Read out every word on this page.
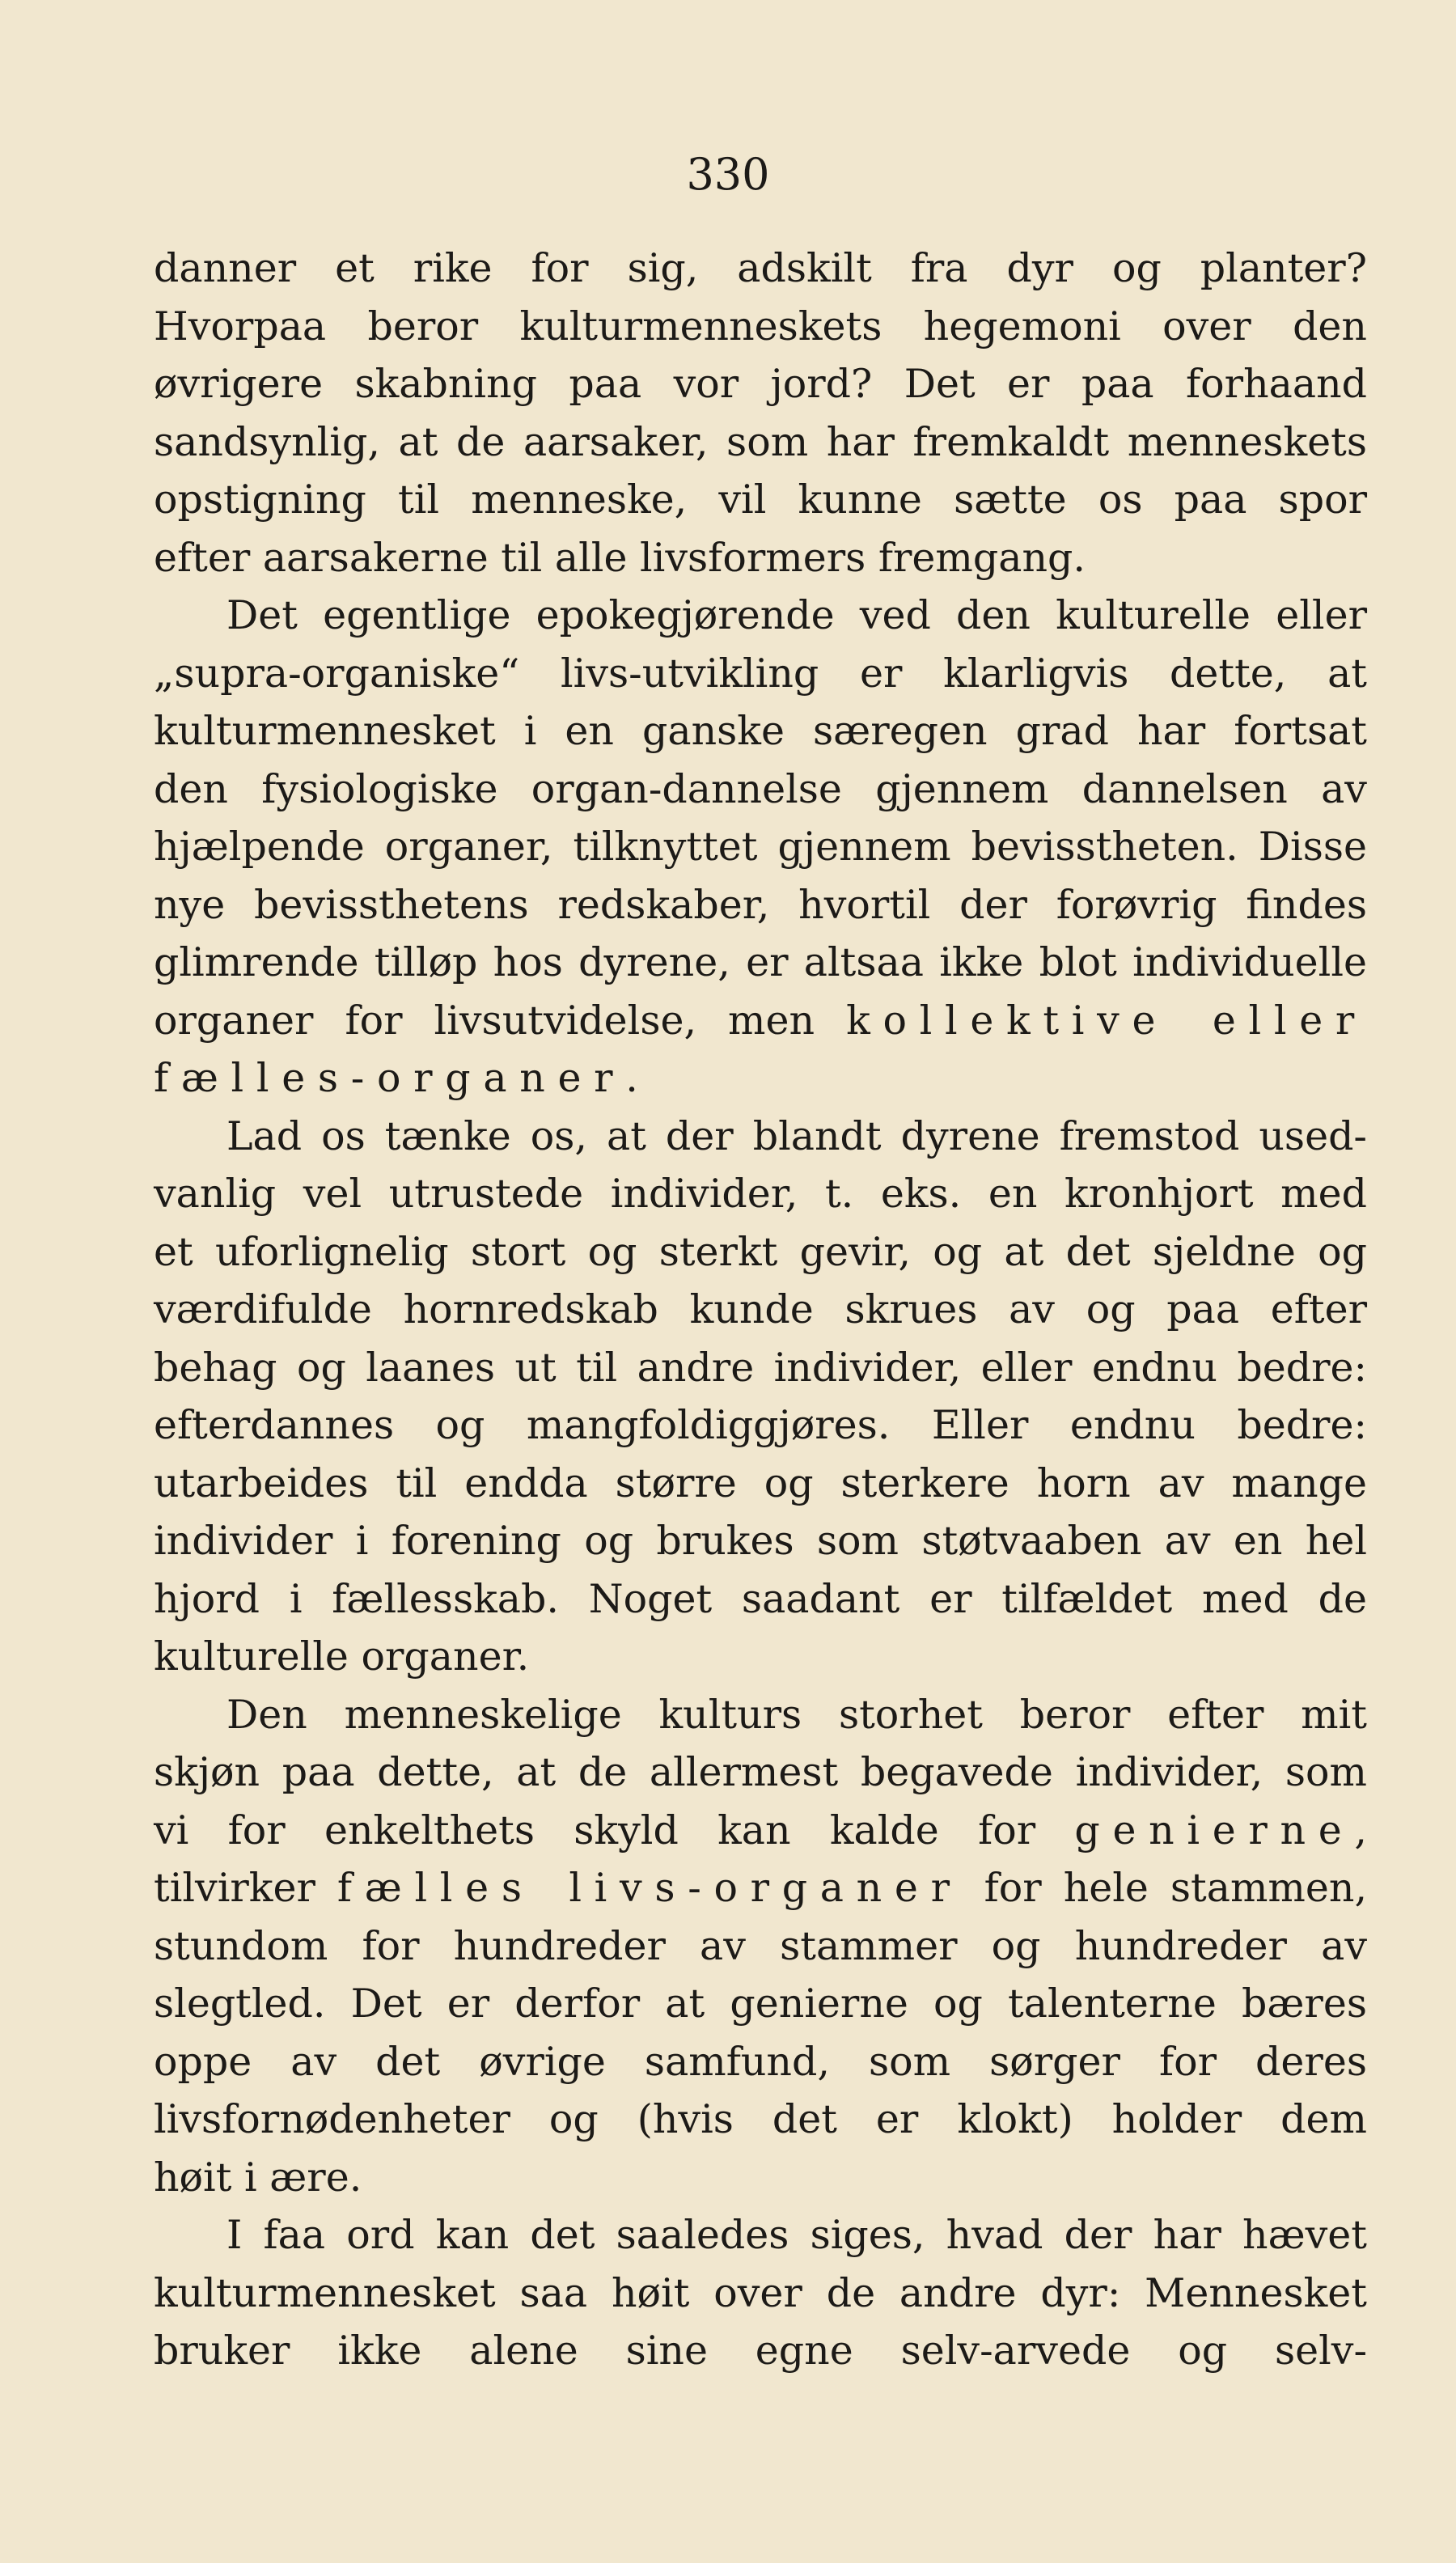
330
danner et rike for sig, adskilt fra dyr og planter?
Hvorpaa beror kulturmenneskets hegemoni over den
øvrigere skabning paa vor jord? Det er paa forhaand
sandsynlig, at de aarsaker, som har fremkaldt menneskets
opstigning til menneske, vil kunne sætte os paa spor
efter aarsakerne til alle livsformers fremgang.
Det egentlige epokegjørende ved den kulturelle eller
„supra-organiske“ livs-utvikling er klarligvis dette, at
kulturmennesket i en ganske særegen grad har fortsat
den fysiologiske organ-dannelse gjennem dannelsen av
hjælpende organer, tilknyttet gjennem bevisstheten. Disse
nye bevissthetens redskaber, hvortil der forøvrig findes
glimrende tilløp hos dyrene, er altsaa ikke blot individuelle
organer for livsutvidelse, men kollektive eller
fælles-organer.
Lad os tænke os, at der blandt dyrene fremstod used-
vanlig vel utrustede individer, t. eks. en kronhjort med
et uforlignelig stort og sterkt gevir, og at det sjeldne og
værdifulde hornredskab kunde skrues av og paa efter
behag og laanes ut til andre individer, eller endnu bedre:
efterdannes og mangfoldiggjøres. Eller endnu bedre:
utarbeides til endda større og sterkere horn av mange
individer i forening og brukes som støtvaaben av en hel
hjord i fællesskab. Noget saadant er tilfældet med de
kulturelle organer.
Den menneskelige kulturs storhet beror efter mit
skjøn paa dette, at de allermest begavede individer, som
vi for enkelthets skyld kan kalde for genierne,
tilvirker fælles livs-organer for hele stammen,
stundom for hundreder av stammer og hundreder av
slegtled. Det er derfor at genierne og talenterne bæres
oppe av det øvrige samfund, som sørger for deres
livsfornødenheter og (hvis det er klokt) holder dem
høit i ære.
I faa ord kan det saaledes siges, hvad der har hævet
kulturmennesket saa høit over de andre dyr: Mennesket
bruker ikke alene sine egne selv-arvede og selv-
